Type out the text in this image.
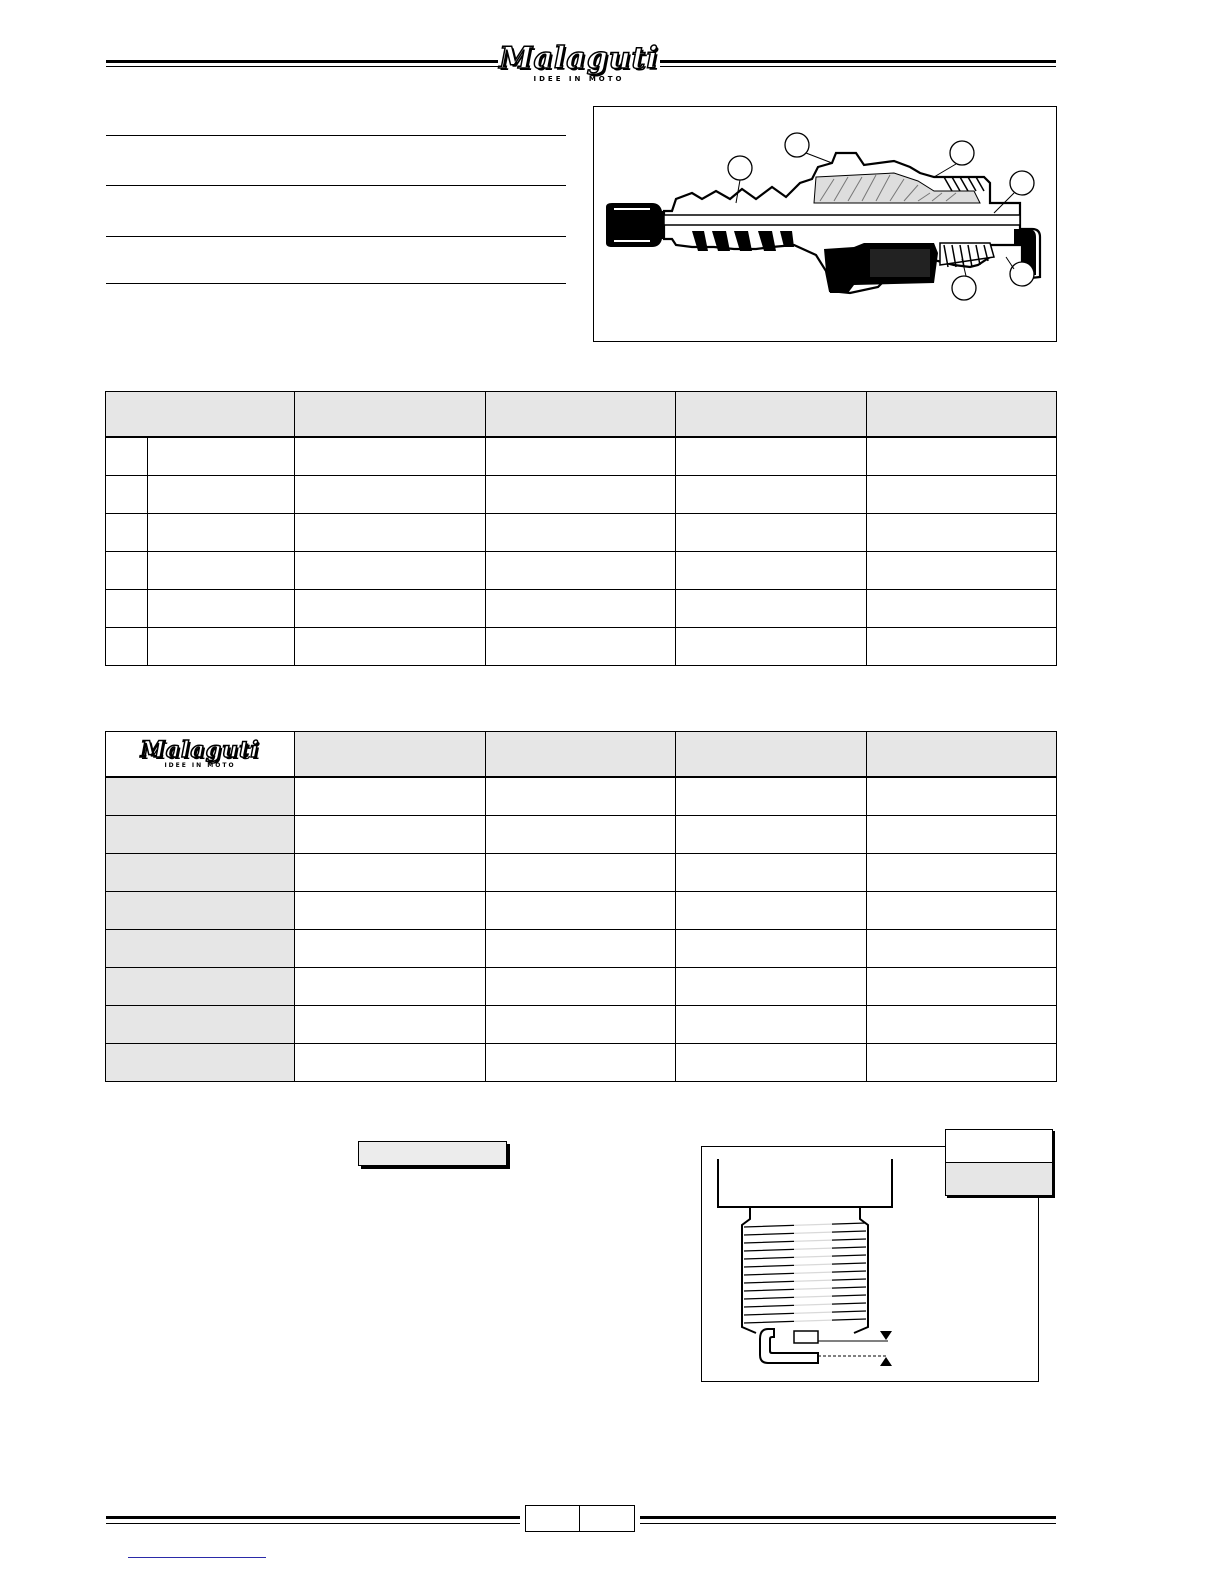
Malaguti
IDEE IN MOTO

Malaguti
IDEE IN MOTO				
